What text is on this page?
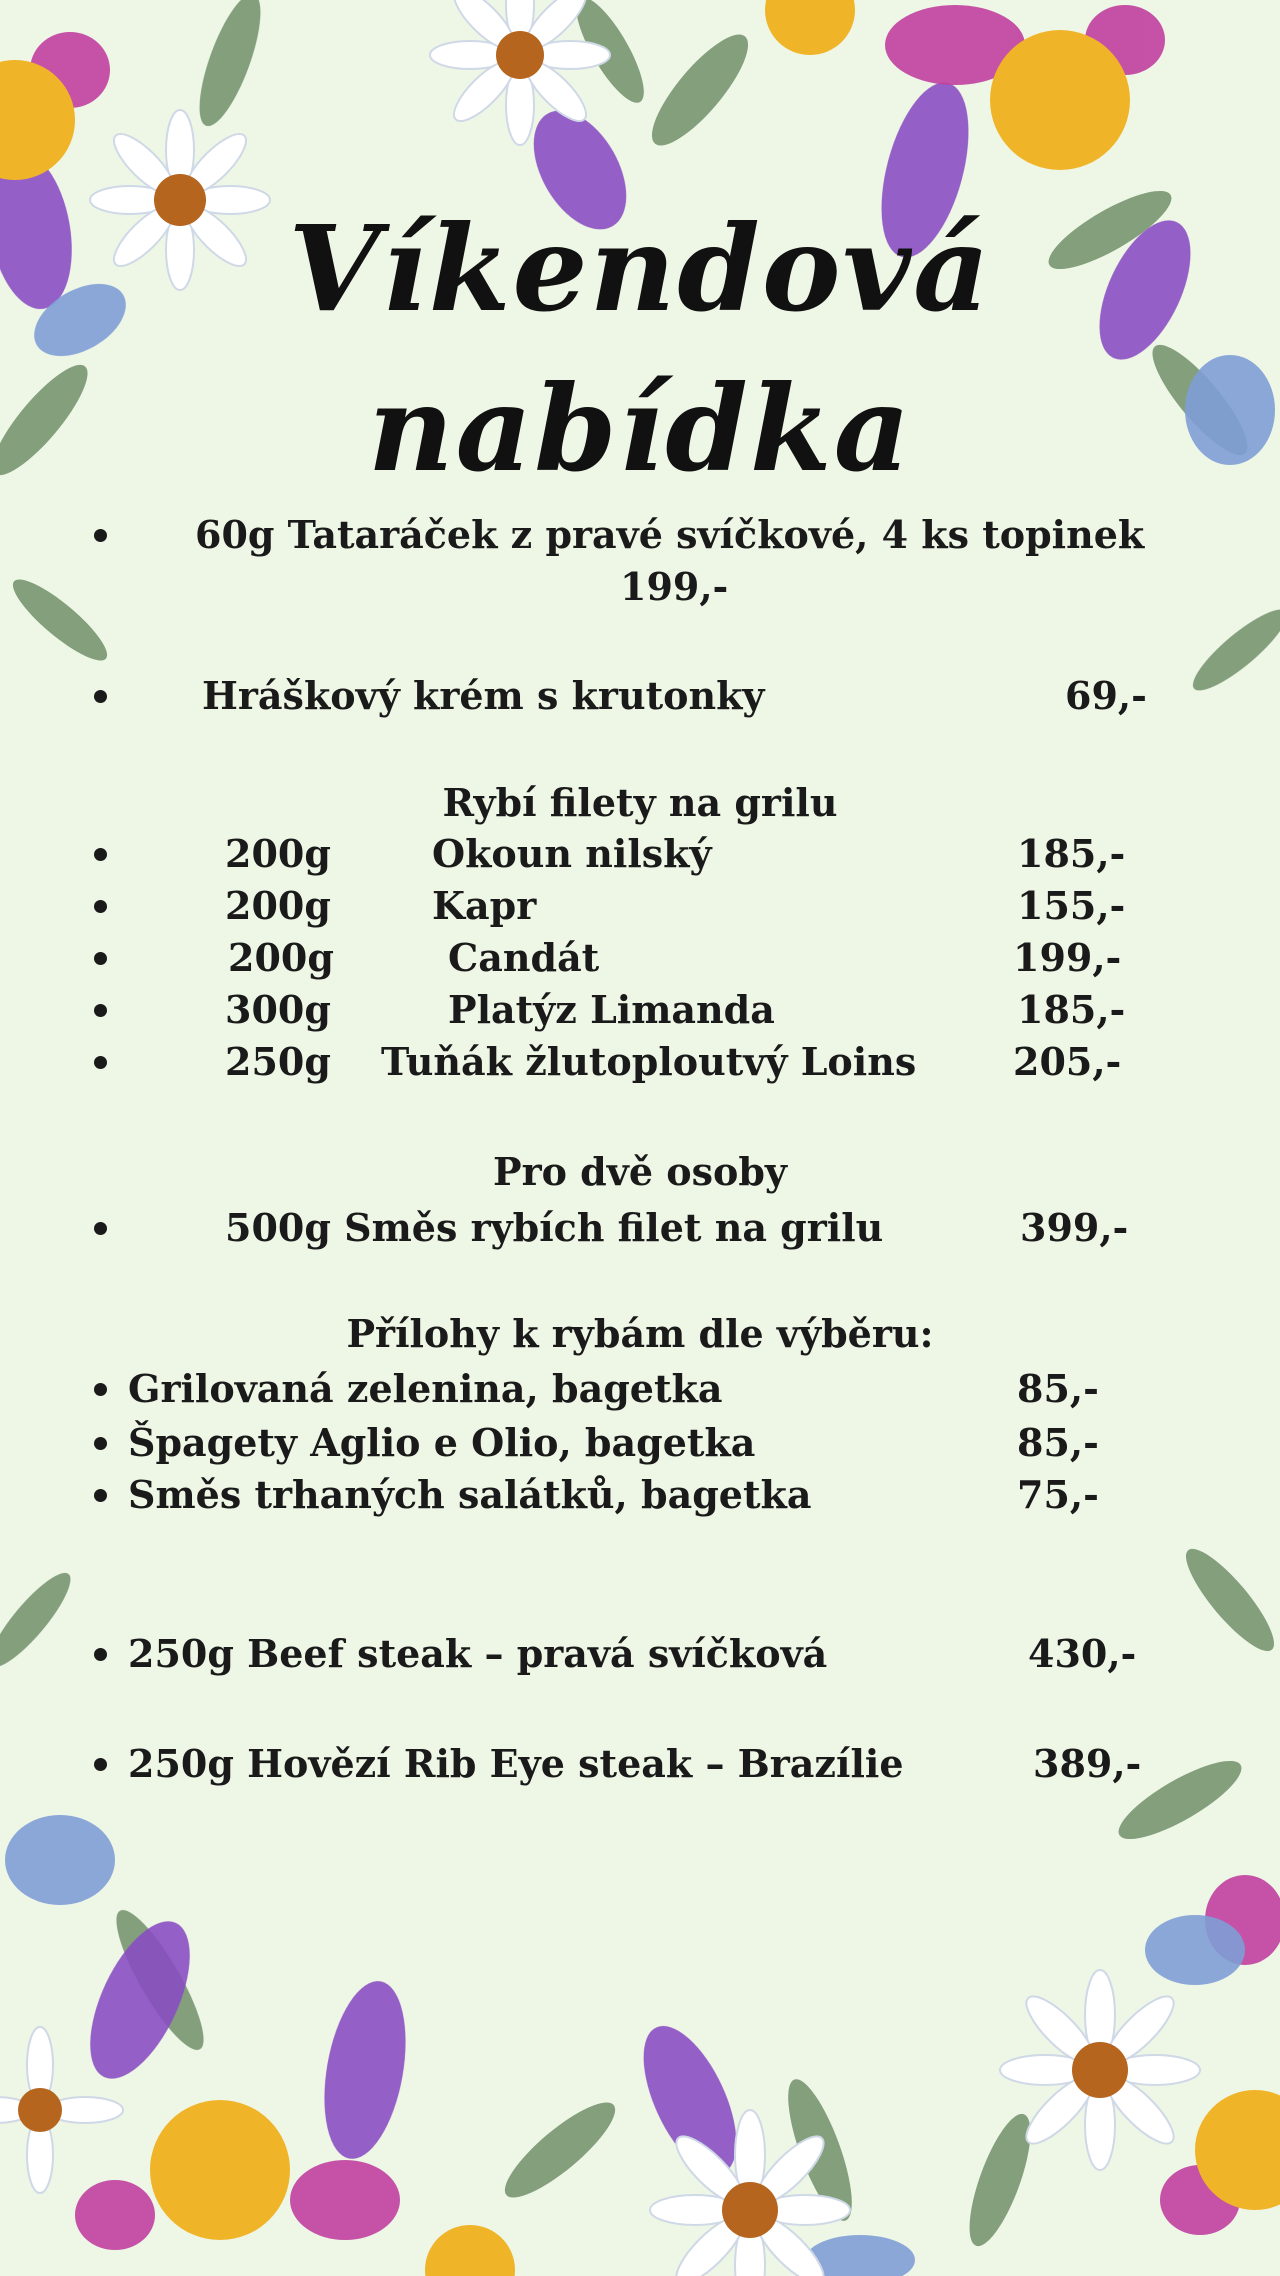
Víkendová
nabídka
60g Tataráček z pravé svíčkové, 4 ks topinek
199,-
Hráškový krém s krutonky	69,-
Rybí filety na grilu
200g	Okoun nilský	185,-
200g	Kapr	155,-
200g	Candát	199,-
300g	Platýz Limanda	185,-
250g Tuňák žlutoploutvý Loins	205,-
Pro dvě osoby
500g Směs rybích filet na grilu	399,-
Přílohy k rybám dle výběru:
Grilovaná zelenina, bagetka	85,-
Špagety Aglio e Olio, bagetka	85,-
Směs trhaných salátků, bagetka	75,-
250g Beef steak – pravá svíčková	430,-
250g Hovězí Rib Eye steak – Brazílie	389,-
